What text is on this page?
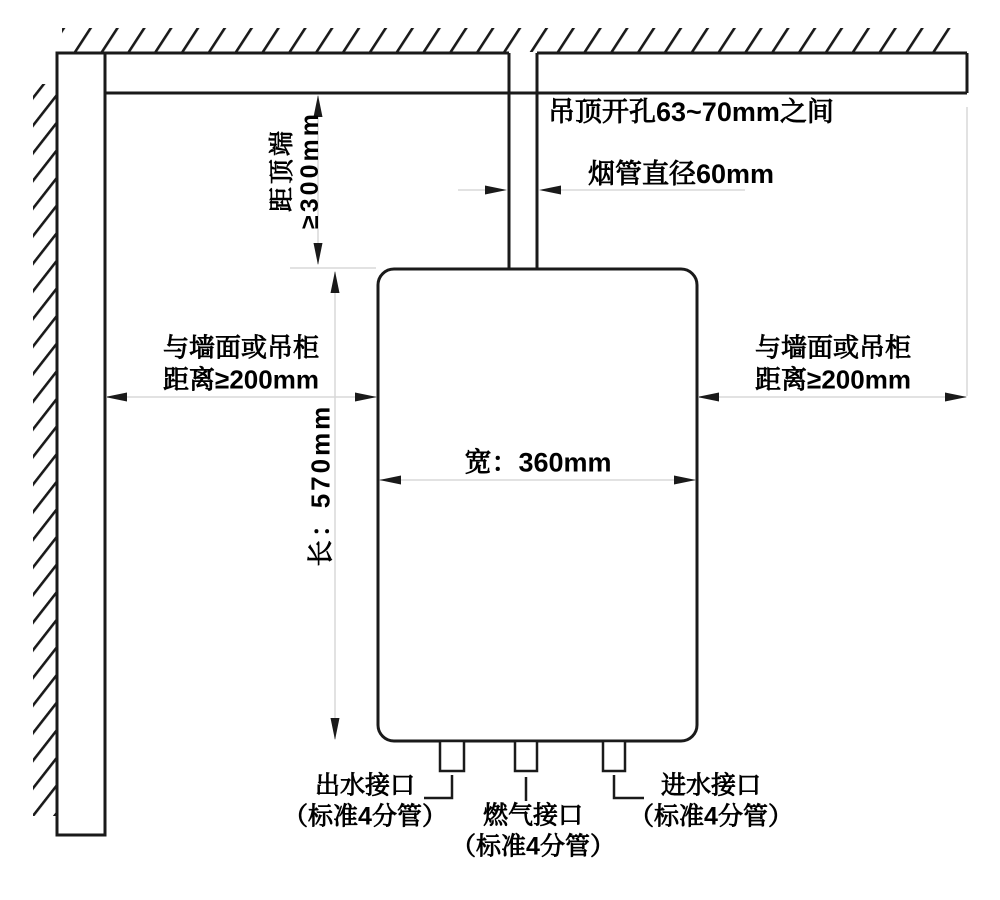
吊顶开孔63~70mm之间
烟管直径60mm
距顶端 ≥300mm
与墙面或吊柜
距离≥200mm
与墙面或吊柜
距离≥200mm
长：570mm	宽：360mm
出水接口
（标准4分管）	燃气接口
（标准4分管）
进水接口
（标准4分管）
